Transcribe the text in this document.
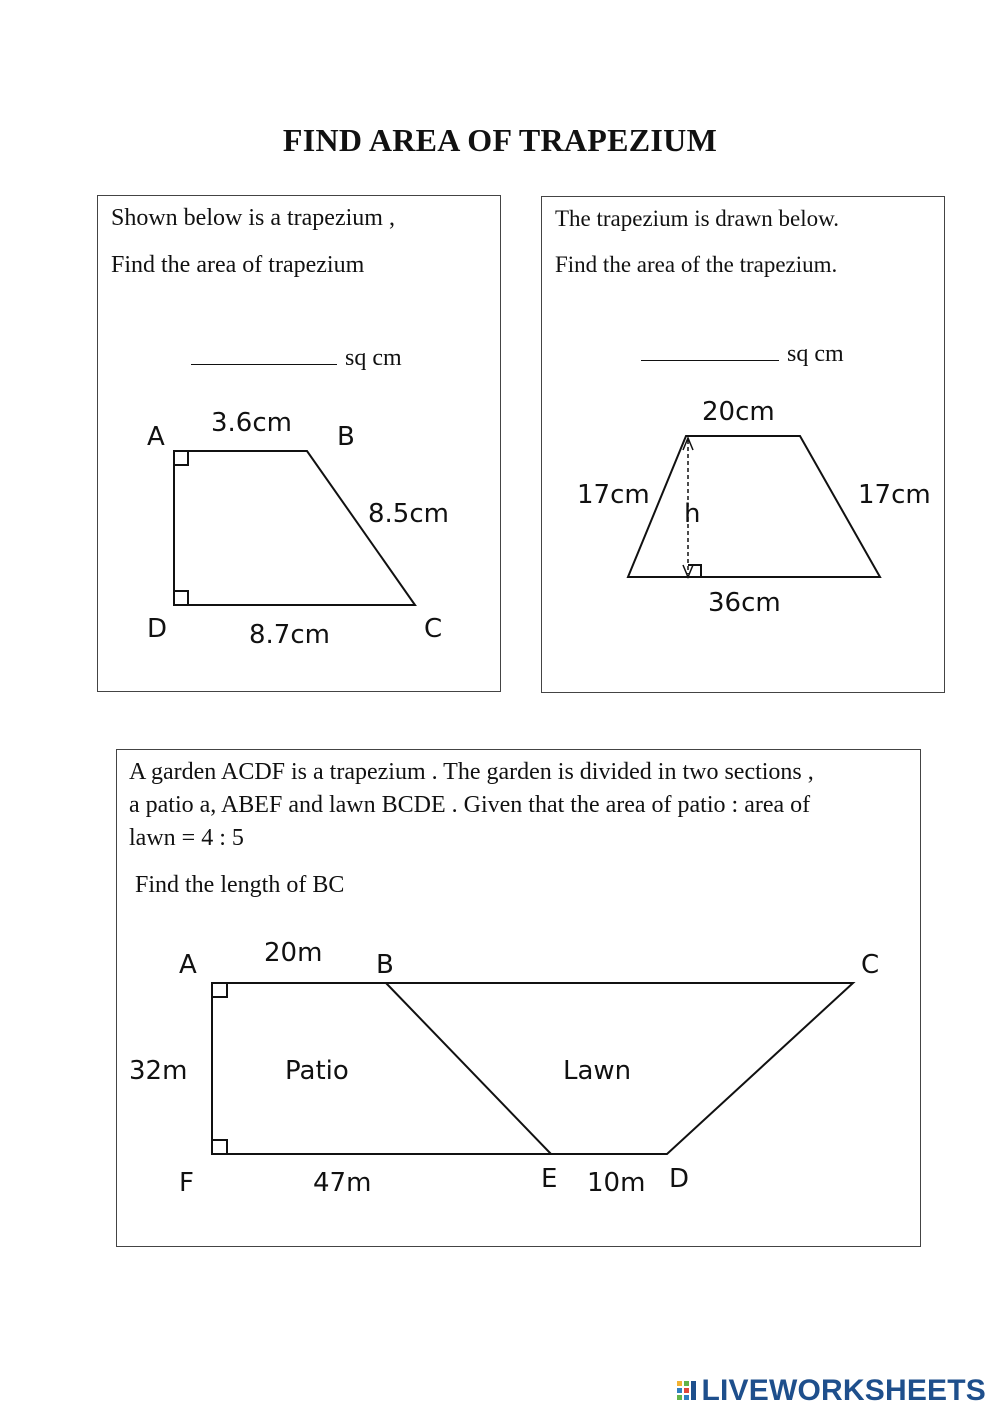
FIND AREA OF TRAPEZIUM
Shown below is a trapezium ,
Find the area of trapezium
sq cm
A	B
3.6cm
8.5cm
D	8.7cm	C
The trapezium is drawn below.
Find the area of the trapezium.
sq cm
20cm
17cm	17cm
h
36cm
A garden ACDF is a trapezium . The garden is divided in two sections ,
a patio a, ABEF and lawn BCDE . Given that the area of patio : area of
lawn = 4 : 5
Find the length of BC
A	20m B	C
32m	Patio	Lawn
F	47m	E 10m D
LIVEWORKSHEETS
